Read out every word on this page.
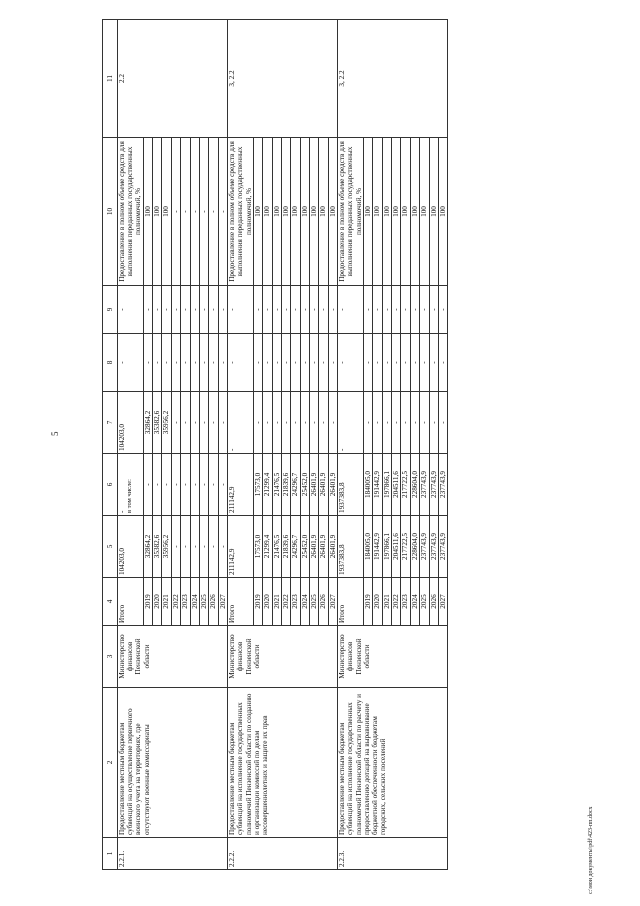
5
c:\мои документы\pdf\423-пп.docx
1	2	3	4	5	6	7	8	9	10	11
2.2.1.	Предоставление местным бюджетам субвенций на осуществление первичного воинского учета на территориях, где отсутствуют военные комиссариаты	Министерство финансов Пензенской области	Итого	104203,0	- в том числе:	104203,0	-	-	Предоставление в полном объеме средств для выполнения переданных государственных полномочий, %	2.2
			2019	32864,2	-	32864,2	-	-	100	
			2020	35382,6	-	35382,6	-	-	100	
			2021	35956,2	-	35956,2	-	-	100	
			2022	-	-	-	-	-	-	
			2023	-	-	-	-	-	-	
			2024	-	-	-	-	-	-	
			2025	-	-	-	-	-	-	
			2026	-	-	-	-	-	-	
			2027	-	-	-	-	-	-	
2.2.2.	Предоставление местным бюджетам субвенций на исполнение государственных полномочий Пензенской области по созданию и организации комиссий по делам несовершеннолетних и защите их прав	Министерство финансов Пензенской области	Итого	211142,9	211142,9	-	-	-	Предоставление в полном объеме средств для выполнения переданных государственных полномочий, %	3, 2.2
			2019	17573,0	17573,0	-	-	-	100	
			2020	21299,4	21299,4	-	-	-	100	
			2021	21476,5	21476,5	-	-	-	100	
			2022	21839,6	21839,6	-	-	-	100	
			2023	24296,7	24296,7	-	-	-	100	
			2024	25452,0	25452,0	-	-	-	100	
			2025	26401,9	26401,9	-	-	-	100	
			2026	26401,9	26401,9	-	-	-	100	
			2027	26401,9	26401,9	-	-	-	100	
2.2.3.	Предоставление местным бюджетам субвенций на исполнение государственных полномочий Пензенской области по расчету и предоставлению дотаций на выравнивание бюджетной обеспеченности бюджетам городских, сельских поселений	Министерство финансов Пензенской области	Итого	1937383,8	1937383,8	-	-	-	Предоставление в полном объеме средств для выполнения переданных государственных полномочий, %	3, 2.2
			2019	184005,0	184005,0	-	-	-	100	
			2020	191442,9	191442,9	-	-	-	100	
			2021	197866,1	197866,1	-	-	-	100	
			2022	204511,6	204511,6	-	-	-	100	
			2023	217722,5	217722,5	-	-	-	100	
			2024	228604,0	228604,0	-	-	-	100	
			2025	237743,9	237743,9	-	-	-	100	
			2026	237743,9	237743,9	-	-	-	100	
			2027	237743,9	237743,9	-	-	-	100	
